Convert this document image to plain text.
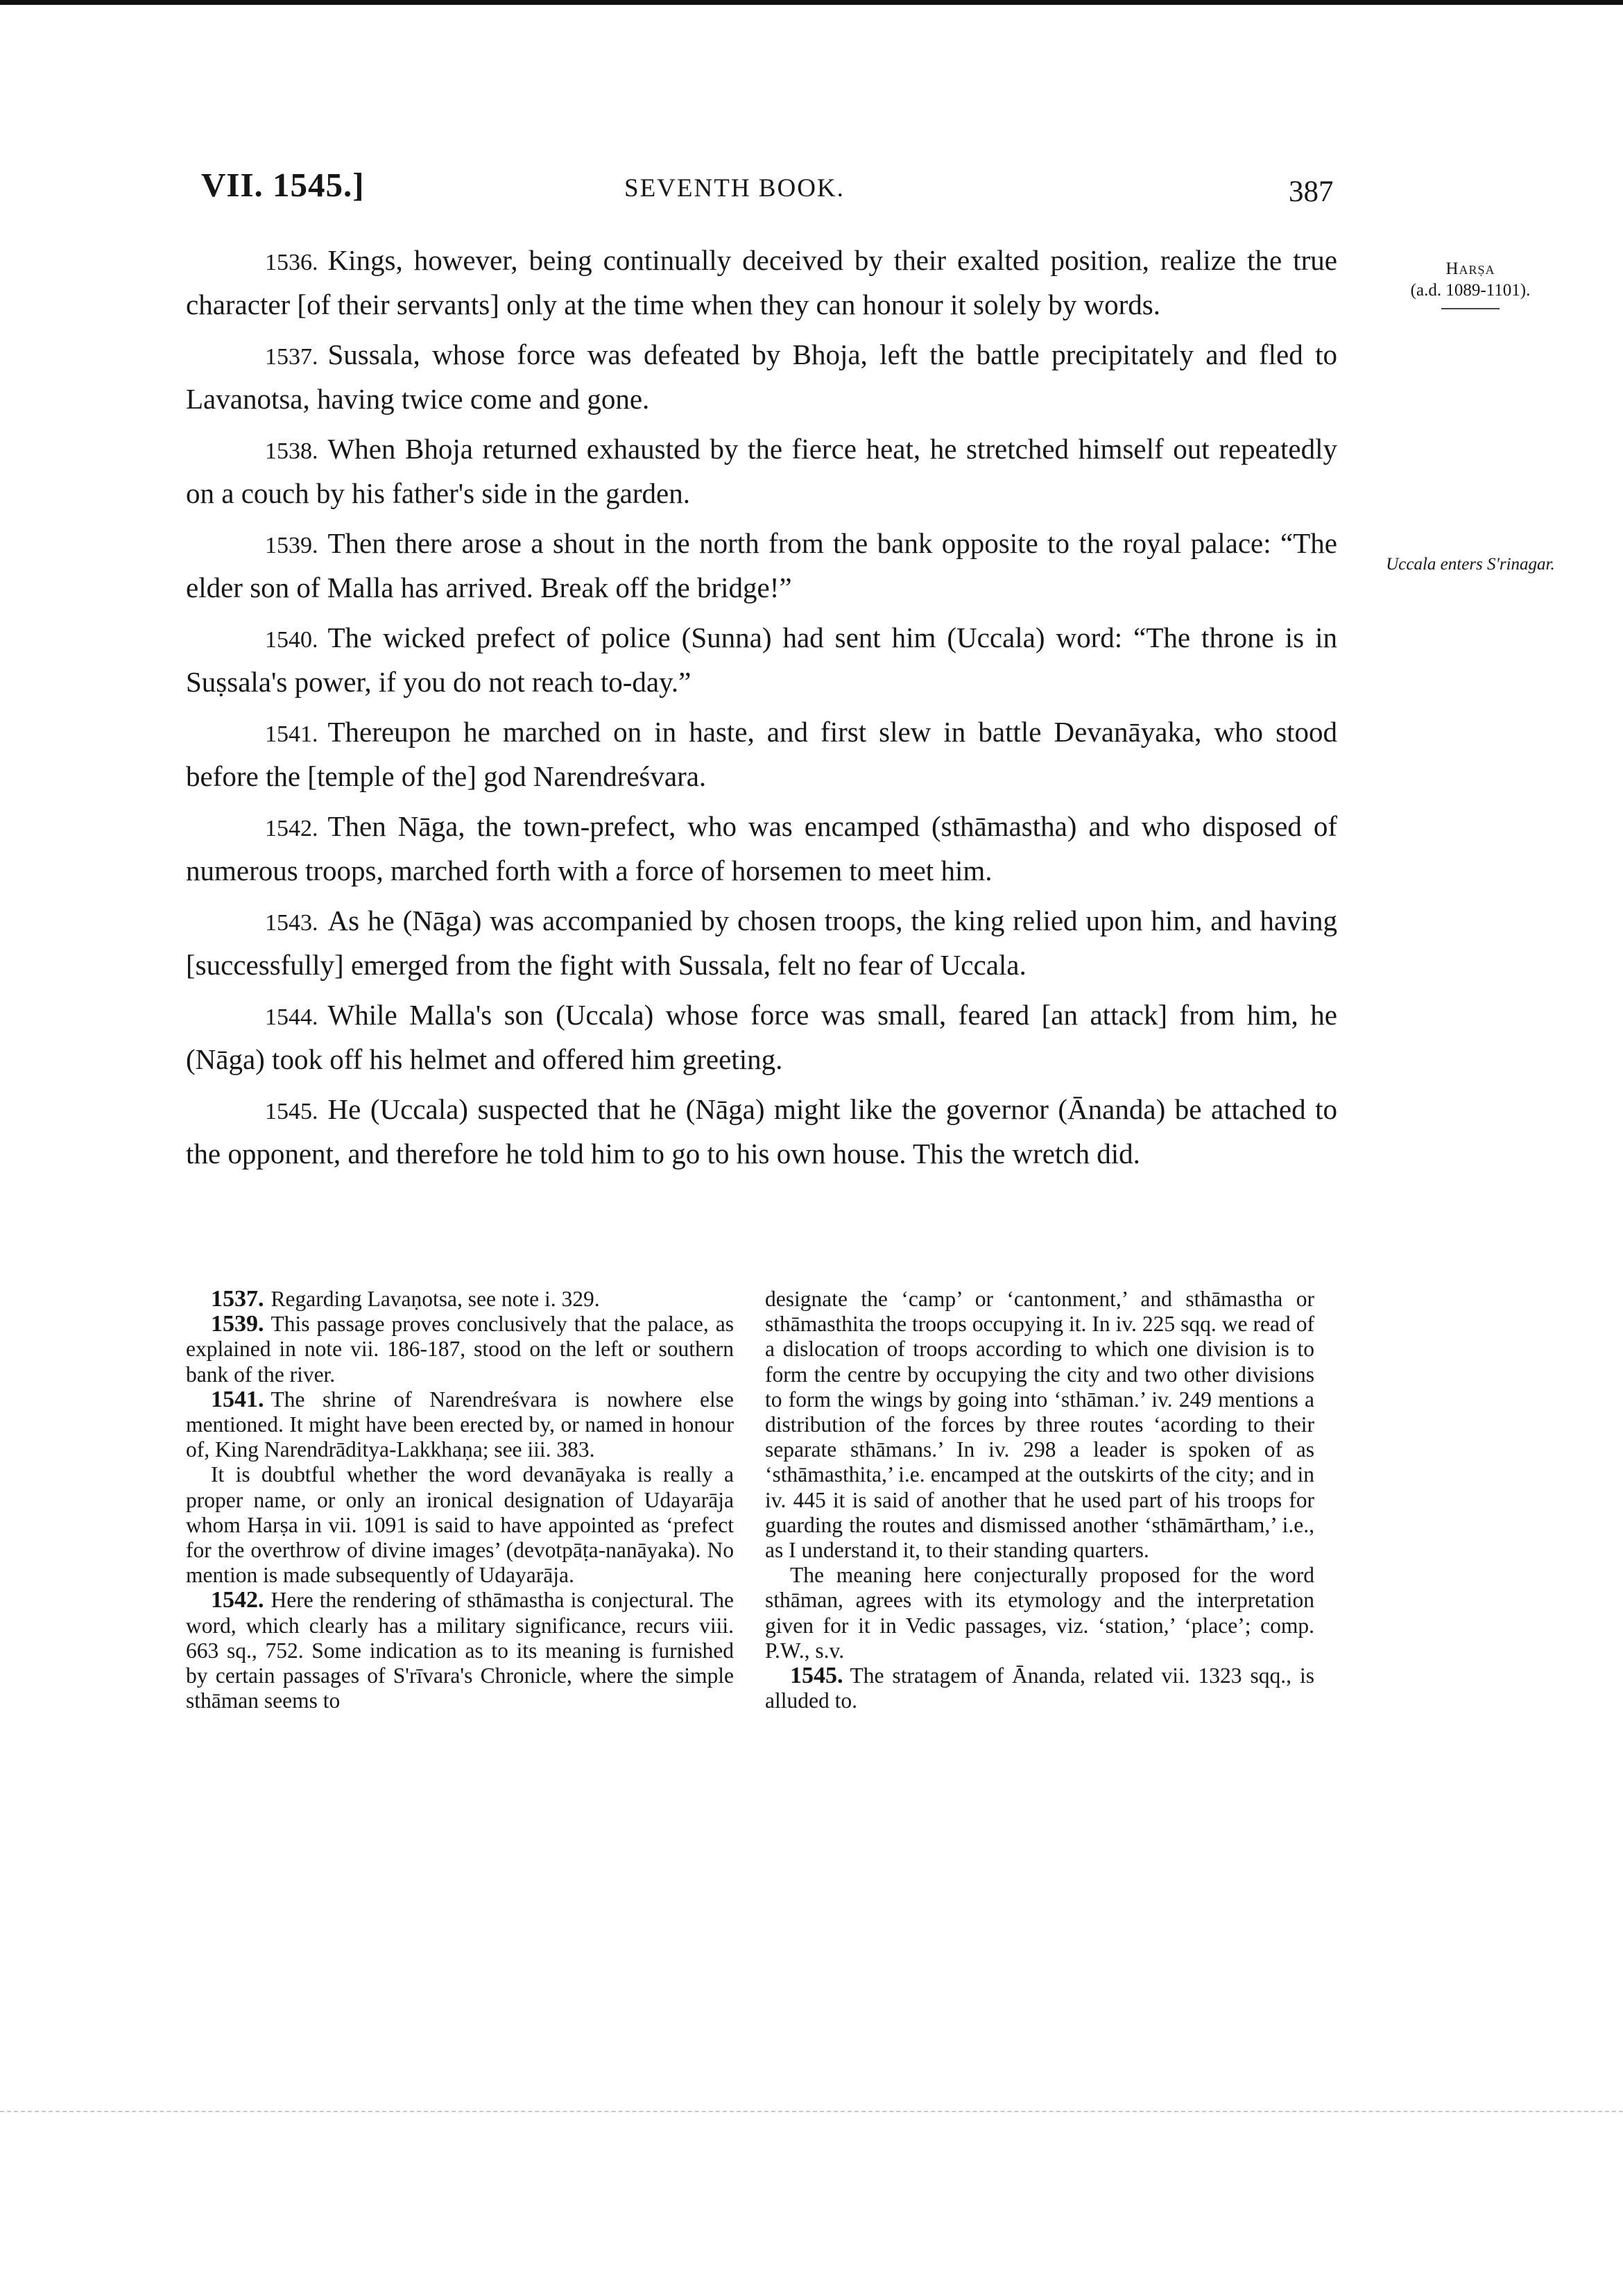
VII. 1545.]	SEVENTH BOOK.	387
Harṣa
(a.d. 1089-1101).
Uccala enters S'rinagar.

1536. Kings, however, being continually deceived by their exalted position, realize the true character [of their servants] only at the time when they can honour it solely by words.

1537. Sussala, whose force was defeated by Bhoja, left the battle precipitately and fled to Lavanotsa, having twice come and gone.

1538. When Bhoja returned exhausted by the fierce heat, he stretched himself out repeatedly on a couch by his father's side in the garden.

1539. Then there arose a shout in the north from the bank opposite to the royal palace: “The elder son of Malla has arrived. Break off the bridge!”

1540. The wicked prefect of police (Sunna) had sent him (Uccala) word: “The throne is in Suṣsala's power, if you do not reach to-day.”

1541. Thereupon he marched on in haste, and first slew in battle Devanāyaka, who stood before the [temple of the] god Narendreśvara.

1542. Then Nāga, the town-prefect, who was encamped (sthāmastha) and who disposed of numerous troops, marched forth with a force of horsemen to meet him.

1543. As he (Nāga) was accompanied by chosen troops, the king relied upon him, and having [successfully] emerged from the fight with Sussala, felt no fear of Uccala.

1544. While Malla's son (Uccala) whose force was small, feared [an attack] from him, he (Nāga) took off his helmet and offered him greeting.

1545. He (Uccala) suspected that he (Nāga) might like the governor (Ānanda) be attached to the opponent, and therefore he told him to go to his own house. This the wretch did.

1537. Regarding Lavaṇotsa, see note i. 329.

1539. This passage proves conclusively that the palace, as explained in note vii. 186-187, stood on the left or southern bank of the river.

1541. The shrine of Narendreśvara is nowhere else mentioned. It might have been erected by, or named in honour of, King Narendrāditya-Lakkhaṇa; see iii. 383.

It is doubtful whether the word devanāyaka is really a proper name, or only an ironical designation of Udayarāja whom Harṣa in vii. 1091 is said to have appointed as ‘prefect for the overthrow of divine images’ (devotpāṭa-nanāyaka). No mention is made subsequently of Udayarāja.

1542. Here the rendering of sthāmastha is conjectural. The word, which clearly has a military significance, recurs viii. 663 sq., 752. Some indication as to its meaning is furnished by certain passages of S'rīvara's Chronicle, where the simple sthāman seems to

designate the ‘camp’ or ‘cantonment,’ and sthāmastha or sthāmasthita the troops occupying it. In iv. 225 sqq. we read of a dislocation of troops according to which one division is to form the centre by occupying the city and two other divisions to form the wings by going into ‘sthāman.’ iv. 249 mentions a distribution of the forces by three routes ‘acording to their separate sthāmans.’ In iv. 298 a leader is spoken of as ‘sthāmasthita,’ i.e. encamped at the outskirts of the city; and in iv. 445 it is said of another that he used part of his troops for guarding the routes and dismissed another ‘sthāmārtham,’ i.e., as I understand it, to their standing quarters.

The meaning here conjecturally proposed for the word sthāman, agrees with its etymology and the interpretation given for it in Vedic passages, viz. ‘station,’ ‘place’; comp. P.W., s.v.

1545. The stratagem of Ānanda, related vii. 1323 sqq., is alluded to.
